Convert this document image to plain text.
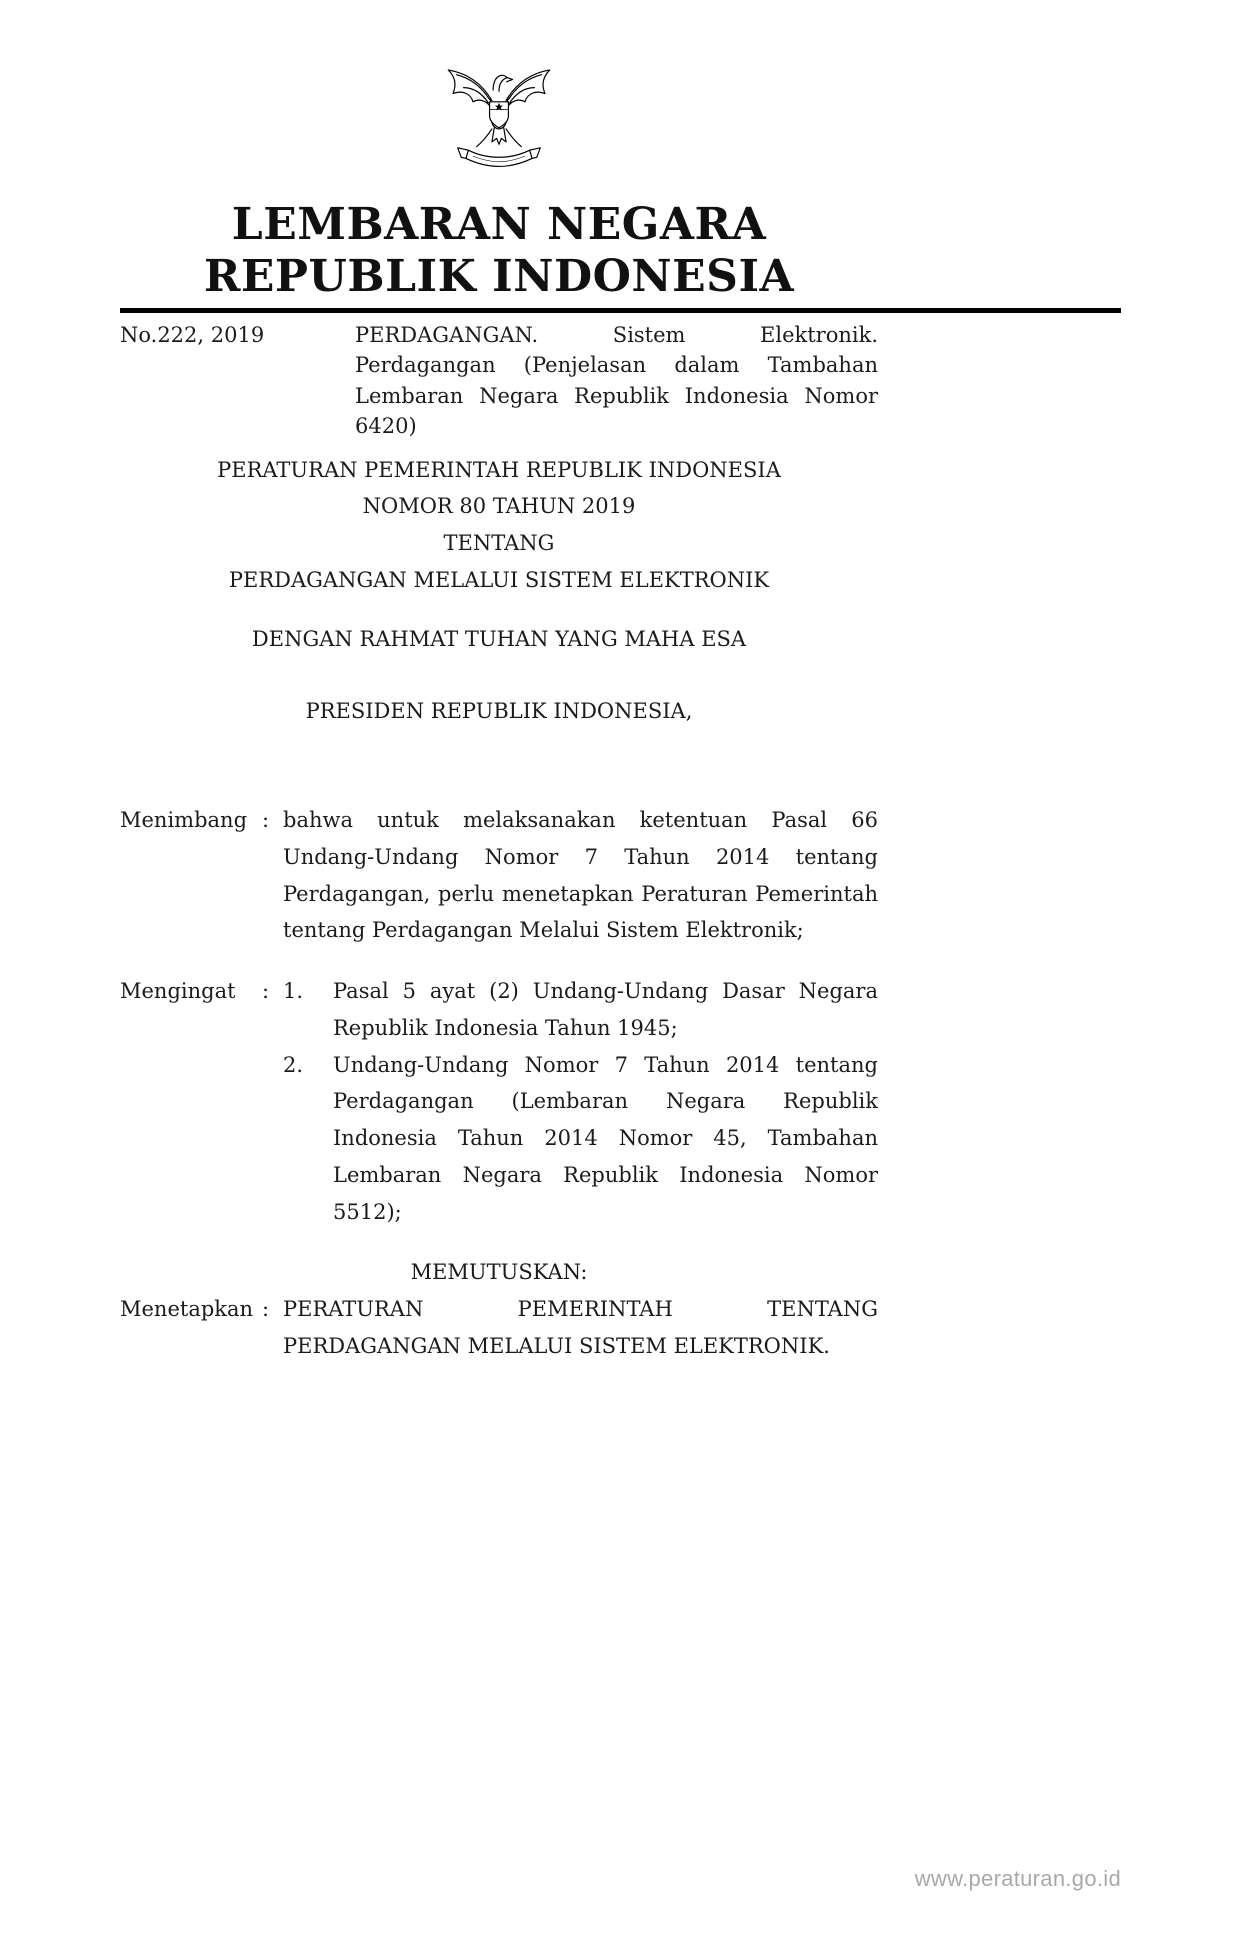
LEMBARAN NEGARA
REPUBLIK INDONESIA
No.222, 2019	PERDAGANGAN. Sistem Elektronik. Perdagangan (Penjelasan dalam Tambahan Lembaran Negara Republik Indonesia Nomor 6420)
PERATURAN PEMERINTAH REPUBLIK INDONESIA
NOMOR 80 TAHUN 2019
TENTANG
PERDAGANGAN MELALUI SISTEM ELEKTRONIK
DENGAN RAHMAT TUHAN YANG MAHA ESA
PRESIDEN REPUBLIK INDONESIA,
Menimbang : bahwa untuk melaksanakan ketentuan Pasal 66 Undang-Undang Nomor 7 Tahun 2014 tentang Perdagangan, perlu menetapkan Peraturan Pemerintah tentang Perdagangan Melalui Sistem Elektronik;
Mengingat	: 1.	Pasal 5 ayat (2) Undang-Undang Dasar Negara Republik Indonesia Tahun 1945;
2.	Undang-Undang Nomor 7 Tahun 2014 tentang Perdagangan (Lembaran Negara Republik Indonesia Tahun 2014 Nomor 45, Tambahan Lembaran Negara Republik Indonesia Nomor 5512);
MEMUTUSKAN:
Menetapkan : PERATURAN PEMERINTAH TENTANG PERDAGANGAN MELALUI SISTEM ELEKTRONIK.
www.peraturan.go.id
